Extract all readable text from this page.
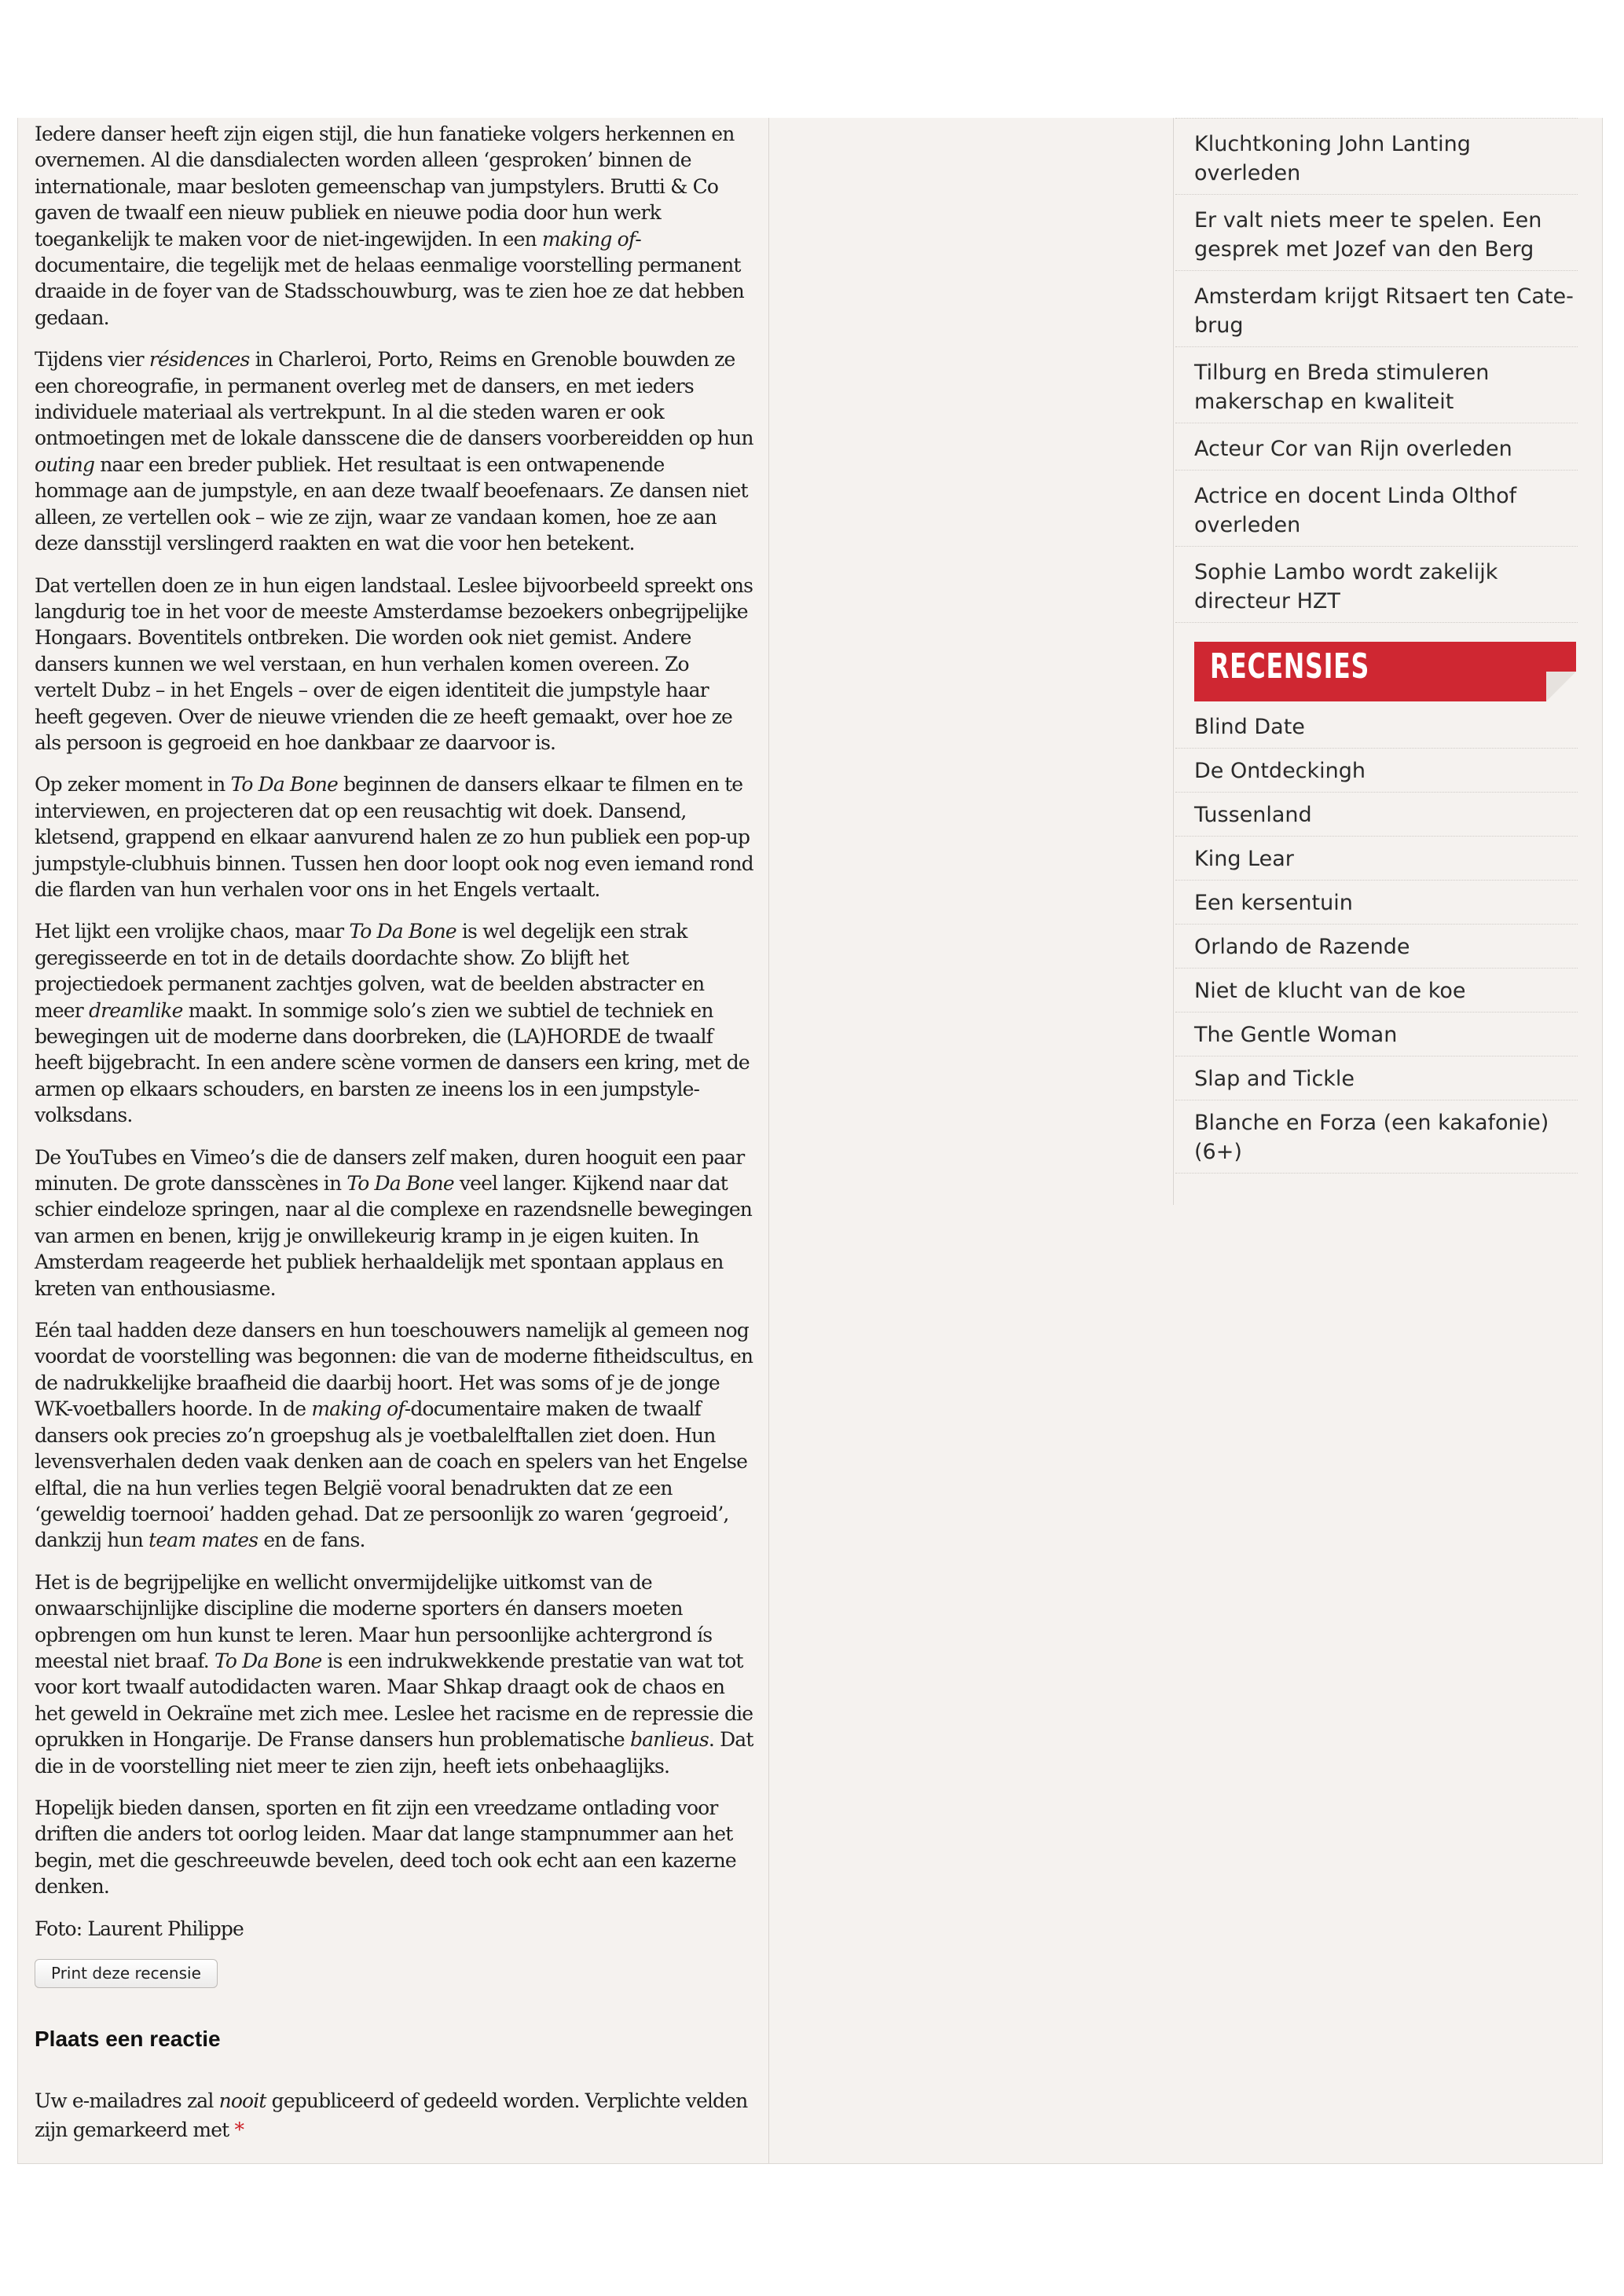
Iedere danser heeft zijn eigen stijl, die hun fanatieke volgers herkennen en overnemen. Al die dansdialecten worden alleen ‘gesproken’ binnen de internationale, maar besloten gemeenschap van jumpstylers. Brutti & Co gaven de twaalf een nieuw publiek en nieuwe podia door hun werk toegankelijk te maken voor de niet-ingewijden. In een making of-documentaire, die tegelijk met de helaas eenmalige voorstelling permanent draaide in de foyer van de Stadsschouwburg, was te zien hoe ze dat hebben gedaan.

Tijdens vier résidences in Charleroi, Porto, Reims en Grenoble bouwden ze een choreografie, in permanent overleg met de dansers, en met ieders individuele materiaal als vertrekpunt. In al die steden waren er ook ontmoetingen met de lokale dansscene die de dansers voorbereidden op hun outing naar een breder publiek. Het resultaat is een ontwapenende hommage aan de jumpstyle, en aan deze twaalf beoefenaars. Ze dansen niet alleen, ze vertellen ook – wie ze zijn, waar ze vandaan komen, hoe ze aan deze dansstijl verslingerd raakten en wat die voor hen betekent.

Dat vertellen doen ze in hun eigen landstaal. Leslee bijvoorbeeld spreekt ons langdurig toe in het voor de meeste Amsterdamse bezoekers onbegrijpelijke Hongaars. Boventitels ontbreken. Die worden ook niet gemist. Andere dansers kunnen we wel verstaan, en hun verhalen komen overeen. Zo vertelt Dubz – in het Engels – over de eigen identiteit die jumpstyle haar heeft gegeven. Over de nieuwe vrienden die ze heeft gemaakt, over hoe ze als persoon is gegroeid en hoe dankbaar ze daarvoor is.

Op zeker moment in To Da Bone beginnen de dansers elkaar te filmen en te interviewen, en projecteren dat op een reusachtig wit doek. Dansend, kletsend, grappend en elkaar aanvurend halen ze zo hun publiek een pop-up jumpstyle-clubhuis binnen. Tussen hen door loopt ook nog even iemand rond die flarden van hun verhalen voor ons in het Engels vertaalt.

Het lijkt een vrolijke chaos, maar To Da Bone is wel degelijk een strak geregisseerde en tot in de details doordachte show. Zo blijft het projectiedoek permanent zachtjes golven, wat de beelden abstracter en meer dreamlike maakt. In sommige solo’s zien we subtiel de techniek en bewegingen uit de moderne dans doorbreken, die (LA)HORDE de twaalf heeft bijgebracht. In een andere scène vormen de dansers een kring, met de armen op elkaars schouders, en barsten ze ineens los in een jumpstyle-volksdans.

De YouTubes en Vimeo’s die de dansers zelf maken, duren hooguit een paar minuten. De grote dansscènes in To Da Bone veel langer. Kijkend naar dat schier eindeloze springen, naar al die complexe en razendsnelle bewegingen van armen en benen, krijg je onwillekeurig kramp in je eigen kuiten. In Amsterdam reageerde het publiek herhaaldelijk met spontaan applaus en kreten van enthousiasme.

Eén taal hadden deze dansers en hun toeschouwers namelijk al gemeen nog voordat de voorstelling was begonnen: die van de moderne fitheidscultus, en de nadrukkelijke braafheid die daarbij hoort. Het was soms of je de jonge WK-voetballers hoorde. In de making of-documentaire maken de twaalf dansers ook precies zo’n groepshug als je voetbalelftallen ziet doen. Hun levensverhalen deden vaak denken aan de coach en spelers van het Engelse elftal, die na hun verlies tegen België vooral benadrukten dat ze een ‘geweldig toernooi’ hadden gehad. Dat ze persoonlijk zo waren ‘gegroeid’, dankzij hun team mates en de fans.

Het is de begrijpelijke en wellicht onvermijdelijke uitkomst van de onwaarschijnlijke discipline die moderne sporters én dansers moeten opbrengen om hun kunst te leren. Maar hun persoonlijke achtergrond ís meestal niet braaf. To Da Bone is een indrukwekkende prestatie van wat tot voor kort twaalf autodidacten waren. Maar Shkap draagt ook de chaos en het geweld in Oekraïne met zich mee. Leslee het racisme en de repressie die oprukken in Hongarije. De Franse dansers hun problematische banlieus. Dat die in de voorstelling niet meer te zien zijn, heeft iets onbehaaglijks.

Hopelijk bieden dansen, sporten en fit zijn een vreedzame ontlading voor driften die anders tot oorlog leiden. Maar dat lange stampnummer aan het begin, met die geschreeuwde bevelen, deed toch ook echt aan een kazerne denken.

Foto: Laurent Philippe

Print deze recensie
Plaats een reactie
Uw e-mailadres zal nooit gepubliceerd of gedeeld worden. Verplichte velden zijn gemarkeerd met *
Kluchtkoning John Lanting overleden
Er valt niets meer te spelen. Een gesprek met Jozef van den Berg
Amsterdam krijgt Ritsaert ten Cate-brug
Tilburg en Breda stimuleren makerschap en kwaliteit
Acteur Cor van Rijn overleden
Actrice en docent Linda Olthof overleden
Sophie Lambo wordt zakelijk directeur HZT
RECENSIES
Blind Date
De Ontdeckingh
Tussenland
King Lear
Een kersentuin
Orlando de Razende
Niet de klucht van de koe
The Gentle Woman
Slap and Tickle
Blanche en Forza (een kakafonie) (6+)
